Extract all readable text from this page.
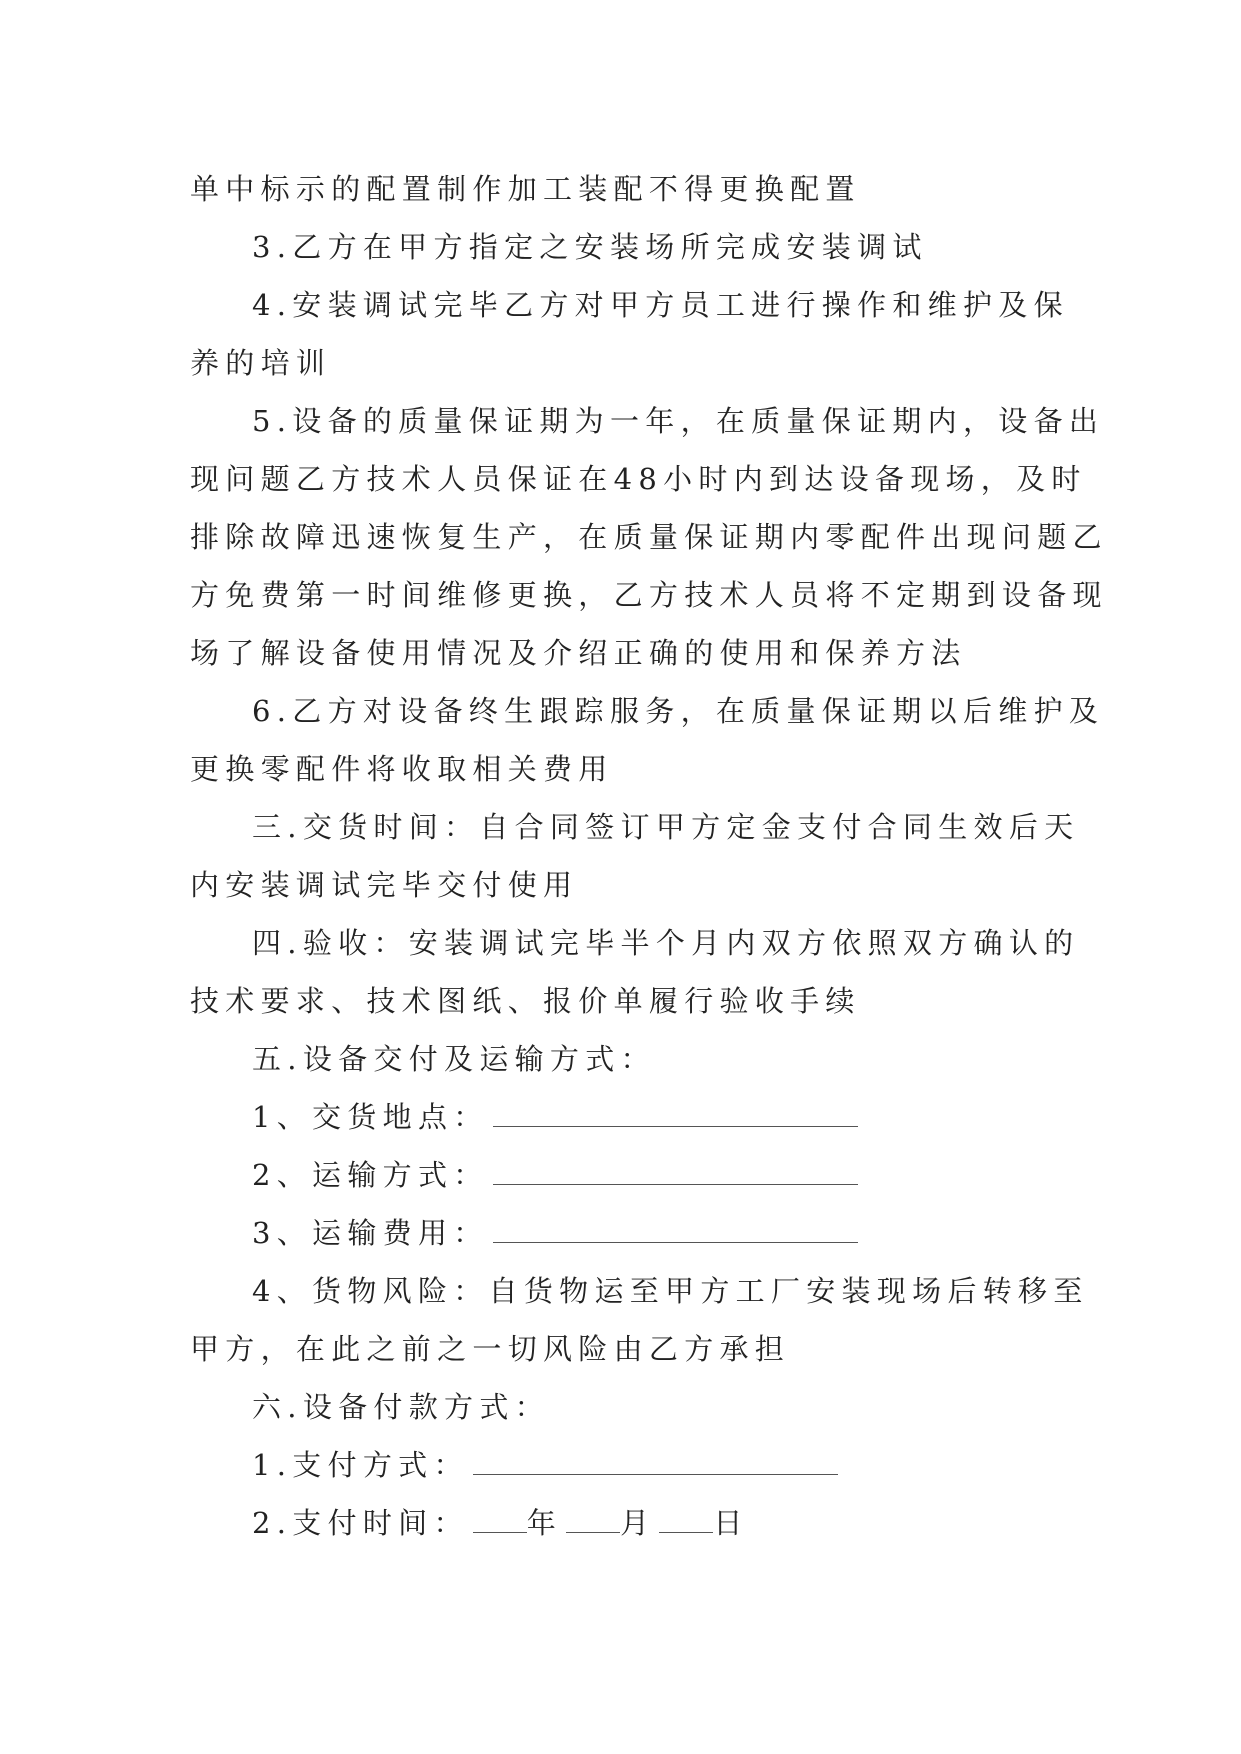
单中标示的配置制作加工装配不得更换配置

3.乙方在甲方指定之安装场所完成安装调试

4.安装调试完毕乙方对甲方员工进行操作和维护及保
养的培训

5.设备的质量保证期为一年，在质量保证期内，设备出
现问题乙方技术人员保证在48小时内到达设备现场，及时
排除故障迅速恢复生产，在质量保证期内零配件出现问题乙
方免费第一时间维修更换，乙方技术人员将不定期到设备现
场了解设备使用情况及介绍正确的使用和保养方法

6.乙方对设备终生跟踪服务，在质量保证期以后维护及
更换零配件将收取相关费用

三.交货时间：自合同签订甲方定金支付合同生效后天
内安装调试完毕交付使用

四.验收：安装调试完毕半个月内双方依照双方确认的
技术要求、技术图纸、报价单履行验收手续

五.设备交付及运输方式：

1、交货地点：

2、运输方式：

3、运输费用：

4、货物风险：自货物运至甲方工厂安装现场后转移至
甲方，在此之前之一切风险由乙方承担

六.设备付款方式：

1.支付方式：

2.支付时间： 年 月 日
